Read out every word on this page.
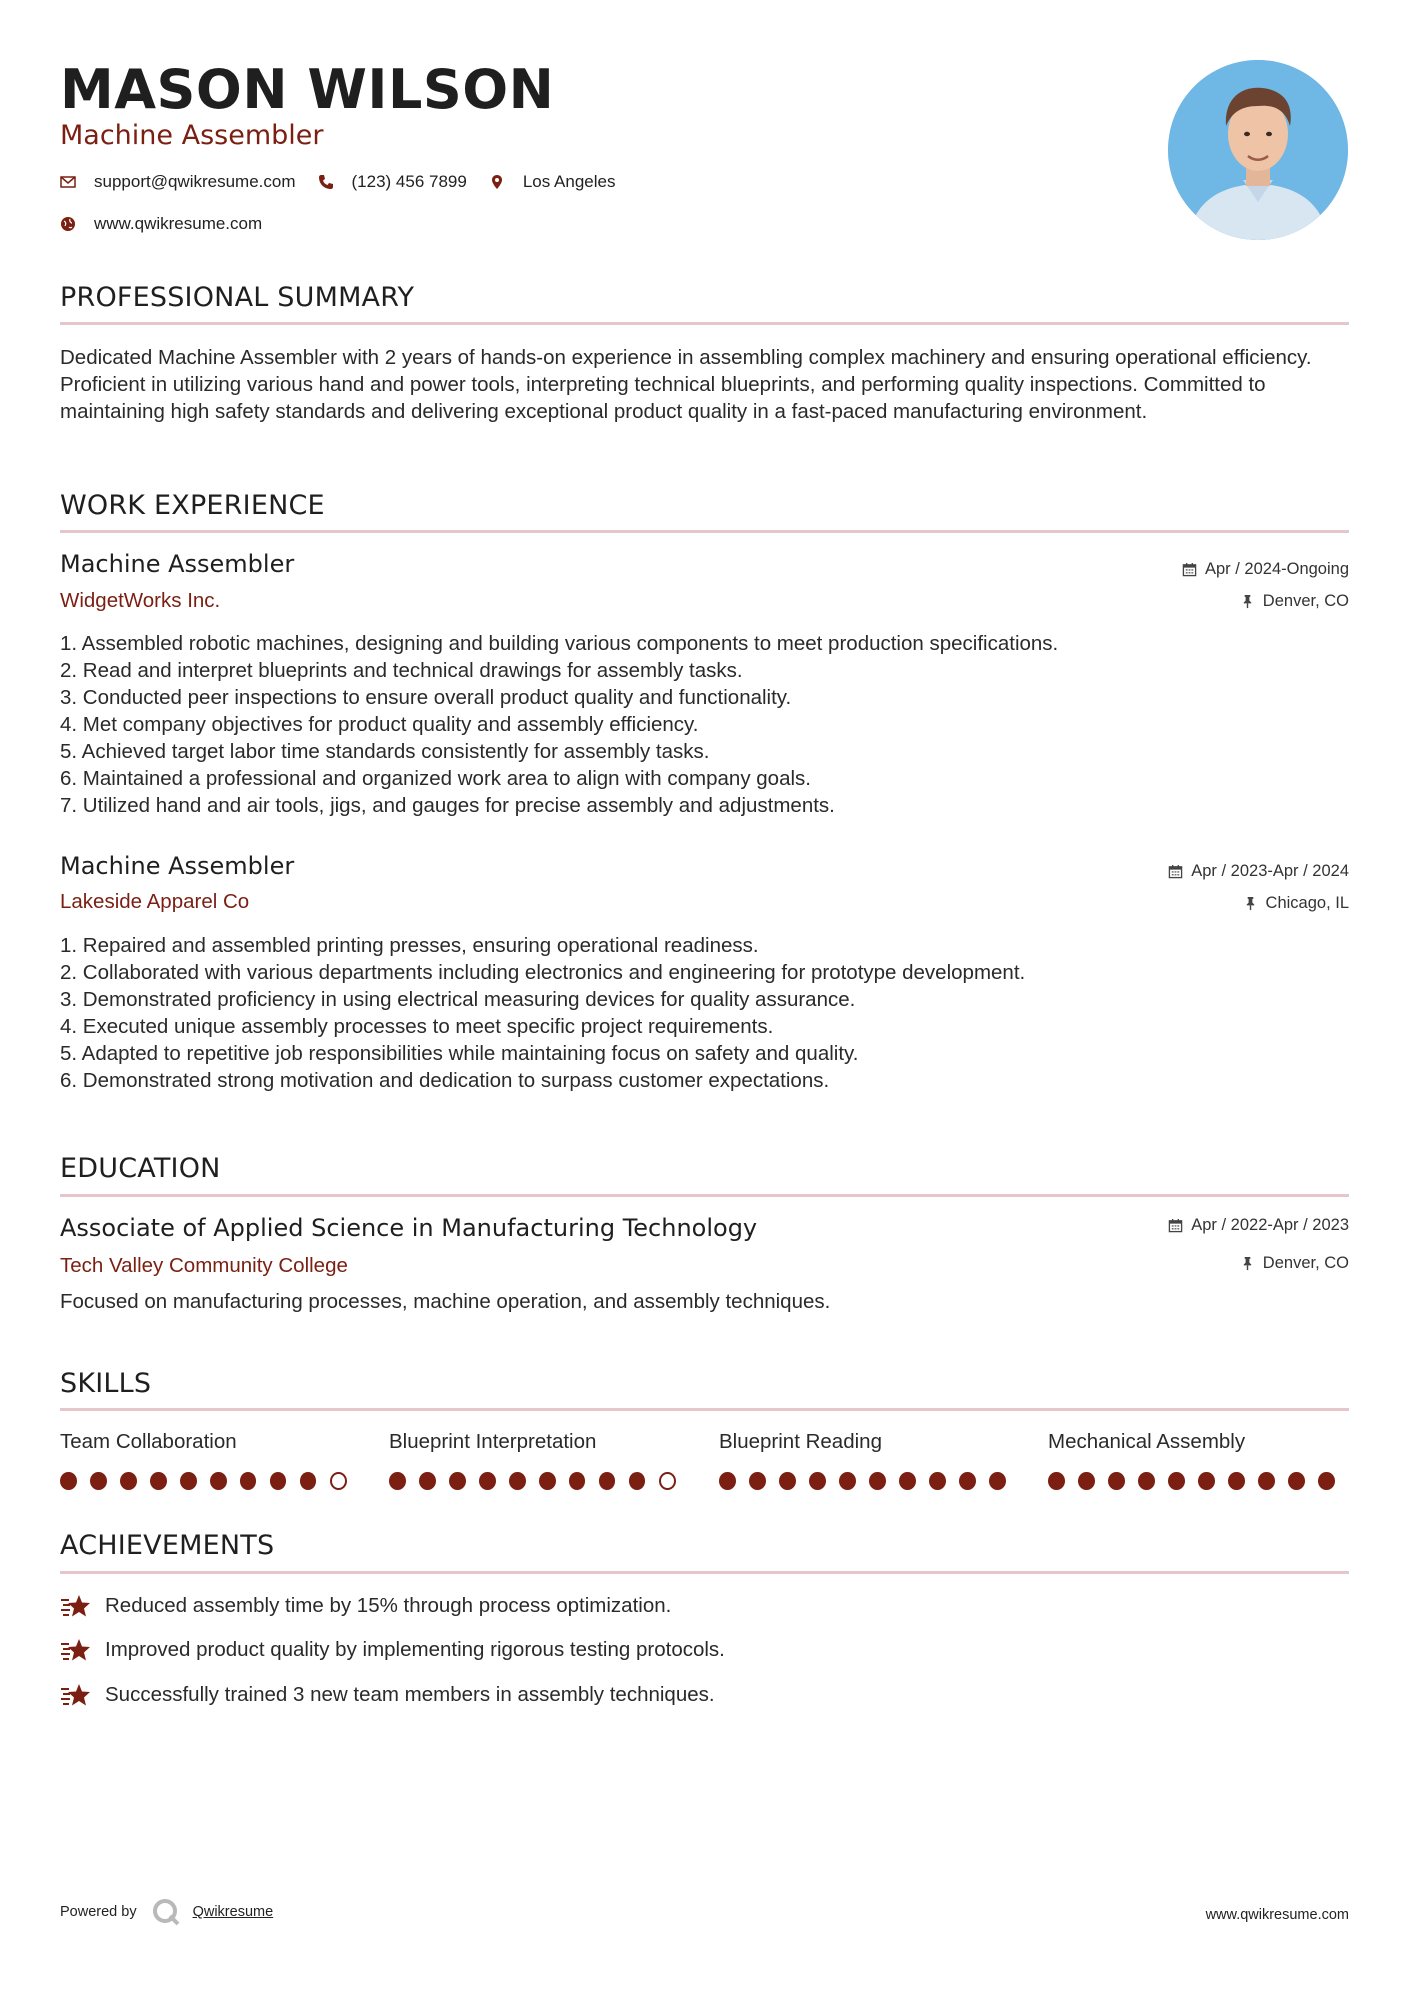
MASON WILSON
Machine Assembler
support@qwikresume.com	(123) 456 7899	Los Angeles
www.qwikresume.com
PROFESSIONAL SUMMARY

Dedicated Machine Assembler with 2 years of hands-on experience in assembling complex machinery and ensuring operational efficiency. Proficient in utilizing various hand and power tools, interpreting technical blueprints, and performing quality inspections. Committed to maintaining high safety standards and delivering exceptional product quality in a fast-paced manufacturing environment.

WORK EXPERIENCE
Machine Assembler
WidgetWorks Inc.
Apr / 2024-Ongoing
Denver, CO
1. Assembled robotic machines, designing and building various components to meet production specifications.
2. Read and interpret blueprints and technical drawings for assembly tasks.
3. Conducted peer inspections to ensure overall product quality and functionality.
4. Met company objectives for product quality and assembly efficiency.
5. Achieved target labor time standards consistently for assembly tasks.
6. Maintained a professional and organized work area to align with company goals.
7. Utilized hand and air tools, jigs, and gauges for precise assembly and adjustments.
Machine Assembler
Lakeside Apparel Co
Apr / 2023-Apr / 2024
Chicago, IL
1. Repaired and assembled printing presses, ensuring operational readiness.
2. Collaborated with various departments including electronics and engineering for prototype development.
3. Demonstrated proficiency in using electrical measuring devices for quality assurance.
4. Executed unique assembly processes to meet specific project requirements.
5. Adapted to repetitive job responsibilities while maintaining focus on safety and quality.
6. Demonstrated strong motivation and dedication to surpass customer expectations.
EDUCATION
Associate of Applied Science in Manufacturing Technology
Tech Valley Community College
Apr / 2022-Apr / 2023
Denver, CO
Focused on manufacturing processes, machine operation, and assembly techniques.
SKILLS
Team Collaboration	Blueprint Interpretation	Blueprint Reading	Mechanical Assembly
ACHIEVEMENTS
Reduced assembly time by 15% through process optimization.
Improved product quality by implementing rigorous testing protocols.
Successfully trained 3 new team members in assembly techniques.
Powered by	Qwikresume	www.qwikresume.com
